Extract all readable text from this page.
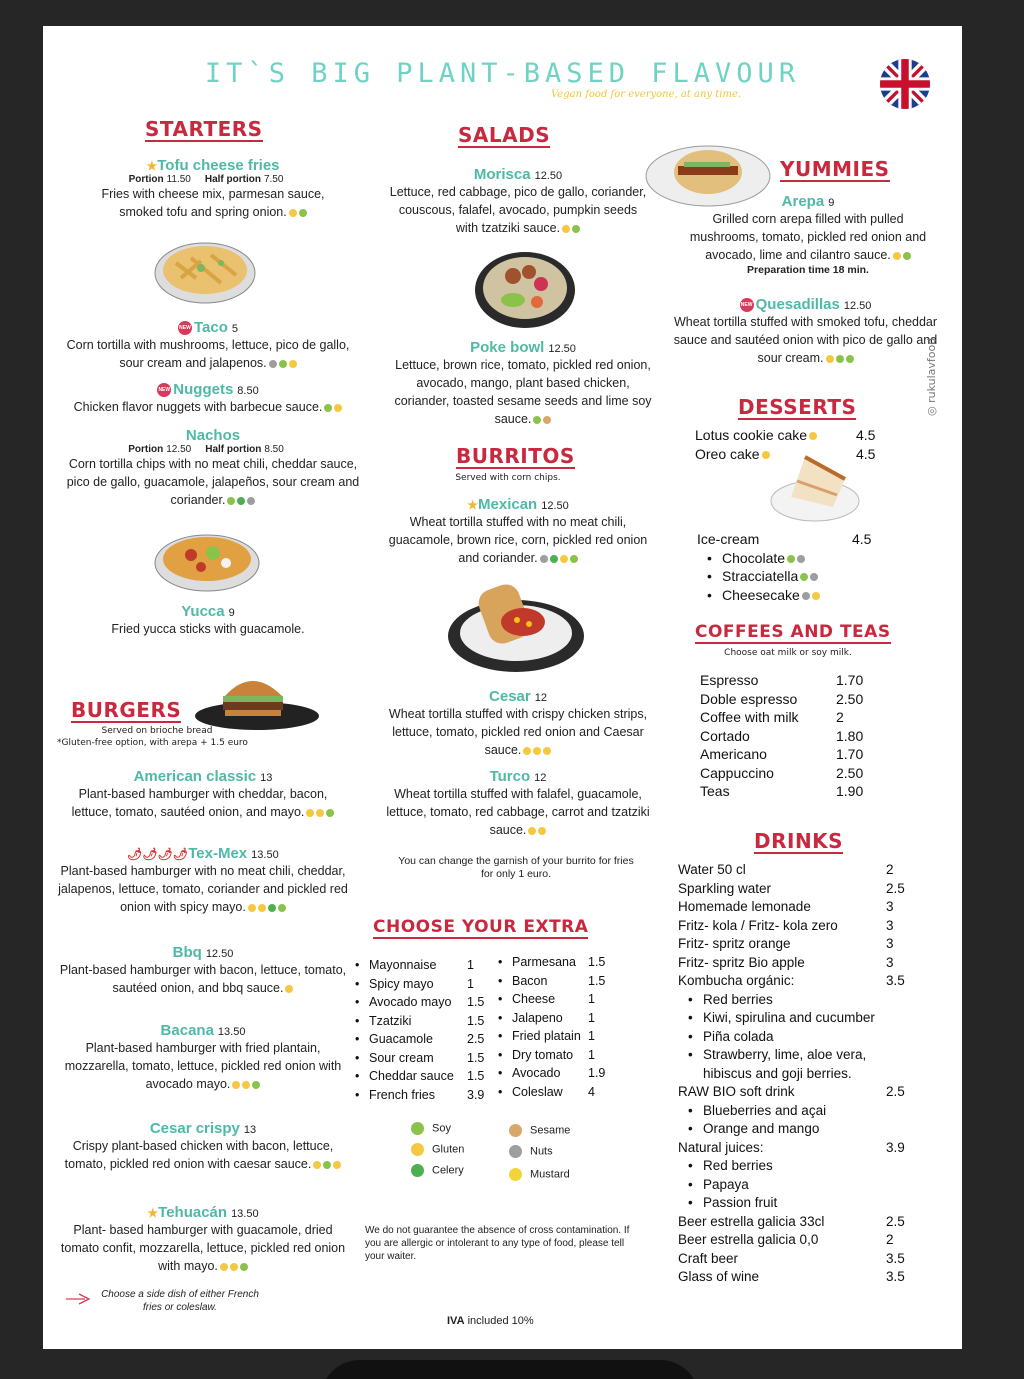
IT`S BIG PLANT-BASED FLAVOUR
Vegan food for everyone, at any time.
STARTERS
★Tofu cheese fries
Portion 11.50 Half portion 7.50
Fries with cheese mix, parmesan sauce, smoked tofu and spring onion.
NEW Taco 5
Corn tortilla with mushrooms, lettuce, pico de gallo, sour cream and jalapenos.
NEW Nuggets 8.50
Chicken flavor nuggets with barbecue sauce.
Nachos
Portion 12.50 Half portion 8.50
Corn tortilla chips with no meat chili, cheddar sauce, pico de gallo, guacamole, jalapeños, sour cream and coriander.
Yucca 9
Fried yucca sticks with guacamole.
BURGERS
Served on brioche bread
*Gluten-free option, with arepa + 1.5 euro
American classic 13
Plant-based hamburger with cheddar, bacon, lettuce, tomato, sautéed onion, and mayo.
🌶🌶🌶🌶Tex-Mex 13.50
Plant-based hamburger with no meat chili, cheddar, jalapenos, lettuce, tomato, coriander and pickled red onion with spicy mayo.
Bbq 12.50
Plant-based hamburger with bacon, lettuce, tomato, sautéed onion, and bbq sauce.
Bacana 13.50
Plant-based hamburger with fried plantain, mozzarella, tomato, lettuce, pickled red onion with avocado mayo.
Cesar crispy 13
Crispy plant-based chicken with bacon, lettuce, tomato, pickled red onion with caesar sauce.
★Tehuacán 13.50
Plant- based hamburger with guacamole, dried tomato confit, mozzarella, lettuce, pickled red onion with mayo.
Choose a side dish of either French fries or coleslaw.
SALADS
Morisca 12.50
Lettuce, red cabbage, pico de gallo, coriander, couscous, falafel, avocado, pumpkin seeds with tzatziki sauce.
Poke bowl 12.50
Lettuce, brown rice, tomato, pickled red onion, avocado, mango, plant based chicken, coriander, toasted sesame seeds and lime soy sauce.
BURRITOS
Served with corn chips.
★Mexican 12.50
Wheat tortilla stuffed with no meat chili, guacamole, brown rice, corn, pickled red onion and coriander.
Cesar 12
Wheat tortilla stuffed with crispy chicken strips, lettuce, tomato, pickled red onion and Caesar sauce.
Turco 12
Wheat tortilla stuffed with falafel, guacamole, lettuce, tomato, red cabbage, carrot and tzatziki sauce.
You can change the garnish of your burrito for fries for only 1 euro.
CHOOSE YOUR EXTRA
• Mayonnaise 1
• Spicy mayo	1
• Avocado mayo 1.5
• Tzatziki	1.5
• Guacamole	2.5
• Sour cream	1.5
• Cheddar sauce 1.5
• French fries	3.9
• Parmesana 1.5
• Bacon	1.5
• Cheese	1
• Jalapeno 1
• Fried platain 1
• Dry tomato 1
• Avocado 1.9
• Coleslaw 4
Soy
Gluten
Celery
Sesame
Nuts
Mustard
We do not guarantee the absence of cross contamination. If you are allergic or intolerant to any type of food, please tell your waiter.
IVA included 10%
YUMMIES
Arepa 9
Grilled corn arepa filled with pulled mushrooms, tomato, pickled red onion and avocado, lime and cilantro sauce.
Preparation time 18 min.
NEW Quesadillas 12.50
Wheat tortilla stuffed with smoked tofu, cheddar sauce and sautéed onion with pico de gallo and sour cream.
DESSERTS
Lotus cookie cake	4.5
Oreo cake	4.5
Ice-cream	4.5
• Chocolate
• Stracciatella
• Cheesecake
COFFEES AND TEAS
Choose oat milk or soy milk.
Espresso	1.70
Doble espresso	2.50
Coffee with milk	2
Cortado	1.80
Americano	1.70
Cappuccino	2.50
Teas	1.90
DRINKS
Water 50 cl	2
Sparkling water	2.5
Homemade lemonade	3
Fritz- kola / Fritz- kola zero	3
Fritz- spritz orange	3
Fritz- spritz Bio apple	3
Kombucha orgánic:	3.5
• Red berries
• Kiwi, spirulina and cucumber
• Piña colada
• Strawberry, lime, aloe vera,
hibiscus and goji berries.
RAW BIO soft drink	2.5
• Blueberries and açai
• Orange and mango
Natural juices:	3.9
• Red berries
• Papaya
• Passion fruit
Beer estrella galicia 33cl	2.5
Beer estrella galicia 0,0	2
Craft beer	3.5
Glass of wine	3.5
◎ rukulavfood
